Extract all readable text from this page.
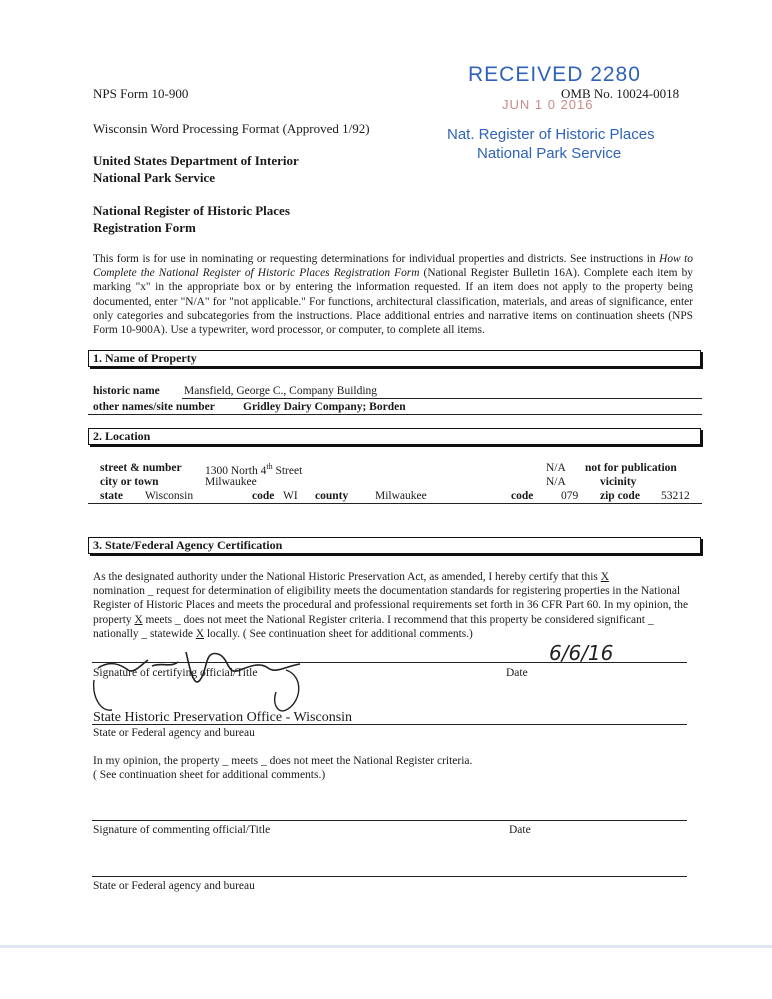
NPS Form 10-900	OMB No. 10024-0018
Wisconsin Word Processing Format (Approved 1/92)
United States Department of Interior
National Park Service
National Register of Historic Places
Registration Form
RECEIVED 2280
JUN 1 0 2016
Nat. Register of Historic Places
National Park Service
This form is for use in nominating or requesting determinations for individual properties and districts. See instructions in How to Complete the National Register of Historic Places Registration Form (National Register Bulletin 16A). Complete each item by marking "x" in the appropriate box or by entering the information requested. If an item does not apply to the property being documented, enter "N/A" for "not applicable." For functions, architectural classification, materials, and areas of significance, enter only categories and subcategories from the instructions. Place additional entries and narrative items on continuation sheets (NPS Form 10-900A). Use a typewriter, word processor, or computer, to complete all items.
1. Name of Property
historic name Mansfield, George C., Company Building
other names/site number Gridley Dairy Company; Borden
2. Location
street & number 1300 North 4th Street	N/A not for publication
city or town	Milwaukee	N/A	vicinity
state Wisconsin	code WI county Milwaukee	code 079 zip code 53212
3. State/Federal Agency Certification
As the designated authority under the National Historic Preservation Act, as amended, I hereby certify that this X
nomination _ request for determination of eligibility meets the documentation standards for registering properties in the National Register of Historic Places and meets the procedural and professional requirements set forth in 36 CFR Part 60. In my opinion, the property X meets _ does not meet the National Register criteria. I recommend that this property be considered significant _ nationally _ statewide X locally. ( See continuation sheet for additional comments.)
Signature of certifying official/Title	Date
6/6/16
State Historic Preservation Office - Wisconsin
State or Federal agency and bureau
In my opinion, the property _ meets _ does not meet the National Register criteria.
( See continuation sheet for additional comments.)
Signature of commenting official/Title	Date
State or Federal agency and bureau
